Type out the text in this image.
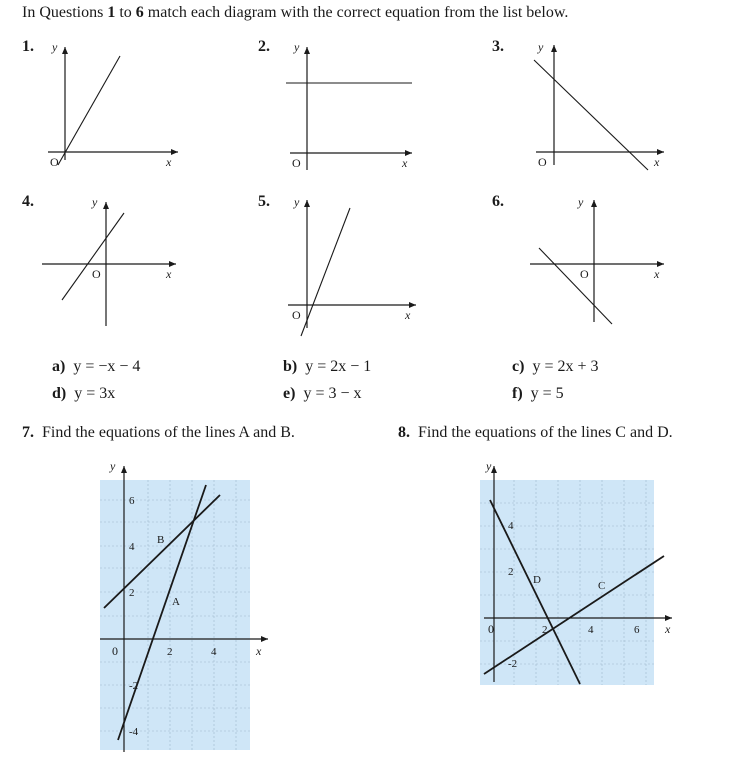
In Questions 1 to 6 match each diagram with the correct equation from the list below.
1.	2.	3.
4.	5.	6.
y
x
O
y
x
O
y
x
O
y
x
O
y
x
O
y
x
O
a) y = −x − 4
d) y = 3x
b) y = 2x − 1
e) y = 3 − x
c) y = 2x + 3
f) y = 5
7. Find the equations of the lines A and B.	8. Find the equations of the lines C and D.
y
x
0	2	4
6
4
2
-2
-4
A
B
y
x
0	2	4	6
4
2
-2
C
D
